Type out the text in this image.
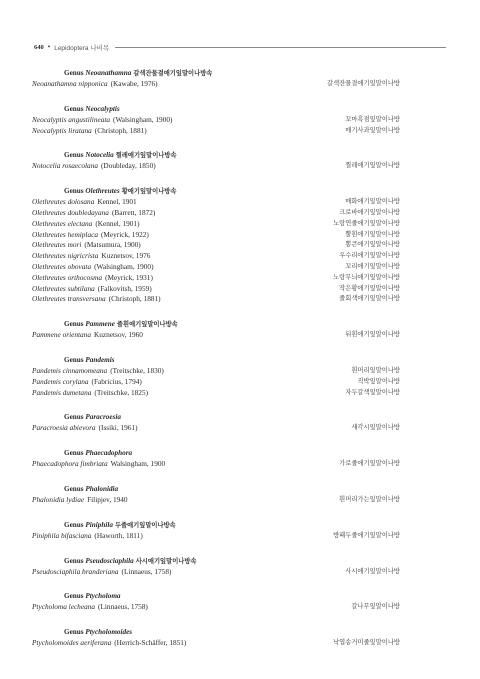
640 • Lepidoptera 나비목
Genus Neoanathamna 갈색잔물결애기잎말이나방속
Neoanathamna nipponica (Kawabe, 1976)	갈색잔물결애기잎말이나방
Genus Neocalyptis
Neocalyptis angustilineata (Walsingham, 1900)	꼬마흑점잎말이나방
Neocalyptis liratana (Christoph, 1881)	매기사과잎말이나방
Genus Notocelia 찔레애기잎말이나방속
Notocelia rosaecolana (Doubleday, 1850)	찔레애기잎말이나방
Genus Olethreutes 황애기잎말이나방속
Olethreutes dolosana Kennel, 1901	매화애기잎말이나방
Olethreutes doubledayana (Barrett, 1872)	크로바애기잎말이나방
Olethreutes electana (Kennel, 1901)	노랑연줄애기잎말이나방
Olethreutes hemiplaca (Meyrick, 1922)	뿔흰애기잎말이나방
Olethreutes mori (Matsumura, 1900)	뽕큰애기잎말이나방
Olethreutes nigricrista Kuznetsov, 1976	우수리애기잎말이나방
Olethreutes obovata (Walsingham, 1900)	꼬리애기잎말이나방
Olethreutes orthocosma (Meyrick, 1931)	노랑무늬애기잎말이나방
Olethreutes subtilana (Falkovitsh, 1959)	작은황애기잎말이나방
Olethreutes transversana (Christoph, 1881)	줄회색애기잎말이나방
Genus Pammene 줄흰애기잎말이나방속
Pammene orientana Kuznetsov, 1960	뒤흰애기잎말이나방
Genus Pandemis
Pandemis cinnamomeana (Treitschke, 1830)	흰머리잎말이나방
Pandemis corylana (Fabricius, 1794)	직박잎말이나방
Pandemis dumetana (Treitschke, 1825)	자두갈색잎말이나방
Genus Paracroesia
Paracroesia abievora (Issiki, 1961)	새각시잎말이나방
Genus Phaecadophora
Phaecadophora fimbriata Walsingham, 1900	가로줄애기잎말이나방
Genus Phalonidia
Phalonidia lydiae Filipjev, 1940	흰머리가는잎말이나방
Genus Piniphila 두줄애기잎말이나방속
Piniphila bifasciana (Haworth, 1811)	방패두줄애기잎말이나방
Genus Pseudosciaphila 사시애기잎말이나방속
Pseudosciaphila branderiana (Linnaeus, 1758)	사시애기잎말이나방
Genus Ptycholoma
Ptycholoma lecheana (Linnaeus, 1758)	갈나무잎말이나방
Genus Ptycholomoides
Ptycholomoides aeriferana (Herrich-Schäffer, 1851)	낙엽송거미줄잎말이나방
